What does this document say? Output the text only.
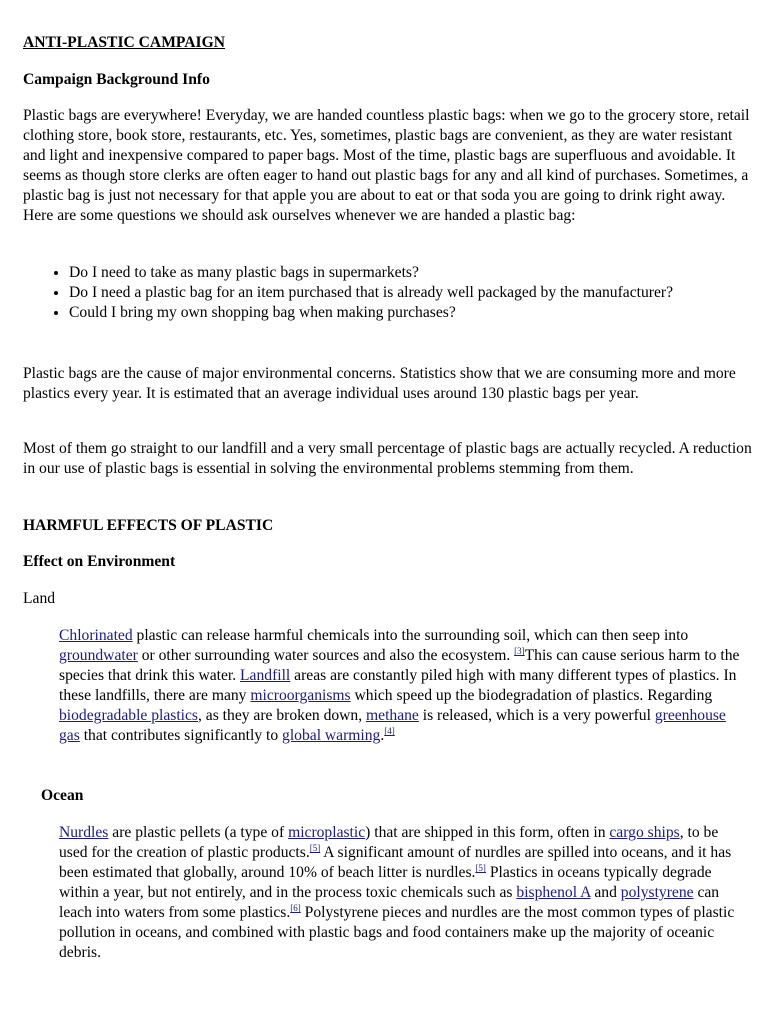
ANTI-PLASTIC CAMPAIGN
Campaign Background Info

Plastic bags are everywhere! Everyday, we are handed countless plastic bags: when we go to the grocery store, retail clothing store, book store, restaurants, etc. Yes, sometimes, plastic bags are convenient, as they are water resistant and light and inexpensive compared to paper bags. Most of the time, plastic bags are superfluous and avoidable. It seems as though store clerks are often eager to hand out plastic bags for any and all kind of purchases. Sometimes, a plastic bag is just not necessary for that apple you are about to eat or that soda you are going to drink right away. Here are some questions we should ask ourselves whenever we are handed a plastic bag:

• Do I need to take as many plastic bags in supermarkets?
• Do I need a plastic bag for an item purchased that is already well packaged by the manufacturer?
• Could I bring my own shopping bag when making purchases?

Plastic bags are the cause of major environmental concerns. Statistics show that we are consuming more and more plastics every year. It is estimated that an average individual uses around 130 plastic bags per year.

Most of them go straight to our landfill and a very small percentage of plastic bags are actually recycled. A reduction in our use of plastic bags is essential in solving the environmental problems stemming from them.

HARMFUL EFFECTS OF PLASTIC
Effect on Environment
Land

Chlorinated plastic can release harmful chemicals into the surrounding soil, which can then seep into groundwater or other surrounding water sources and also the ecosystem. [3]This can cause serious harm to the species that drink this water. Landfill areas are constantly piled high with many different types of plastics. In these landfills, there are many microorganisms which speed up the biodegradation of plastics. Regarding biodegradable plastics, as they are broken down, methane is released, which is a very powerful greenhouse gas that contributes significantly to global warming.[4]

Ocean

Nurdles are plastic pellets (a type of microplastic) that are shipped in this form, often in cargo ships, to be used for the creation of plastic products.[5] A significant amount of nurdles are spilled into oceans, and it has been estimated that globally, around 10% of beach litter is nurdles.[5] Plastics in oceans typically degrade within a year, but not entirely, and in the process toxic chemicals such as bisphenol A and polystyrene can leach into waters from some plastics.[6] Polystyrene pieces and nurdles are the most common types of plastic pollution in oceans, and combined with plastic bags and food containers make up the majority of oceanic debris.
